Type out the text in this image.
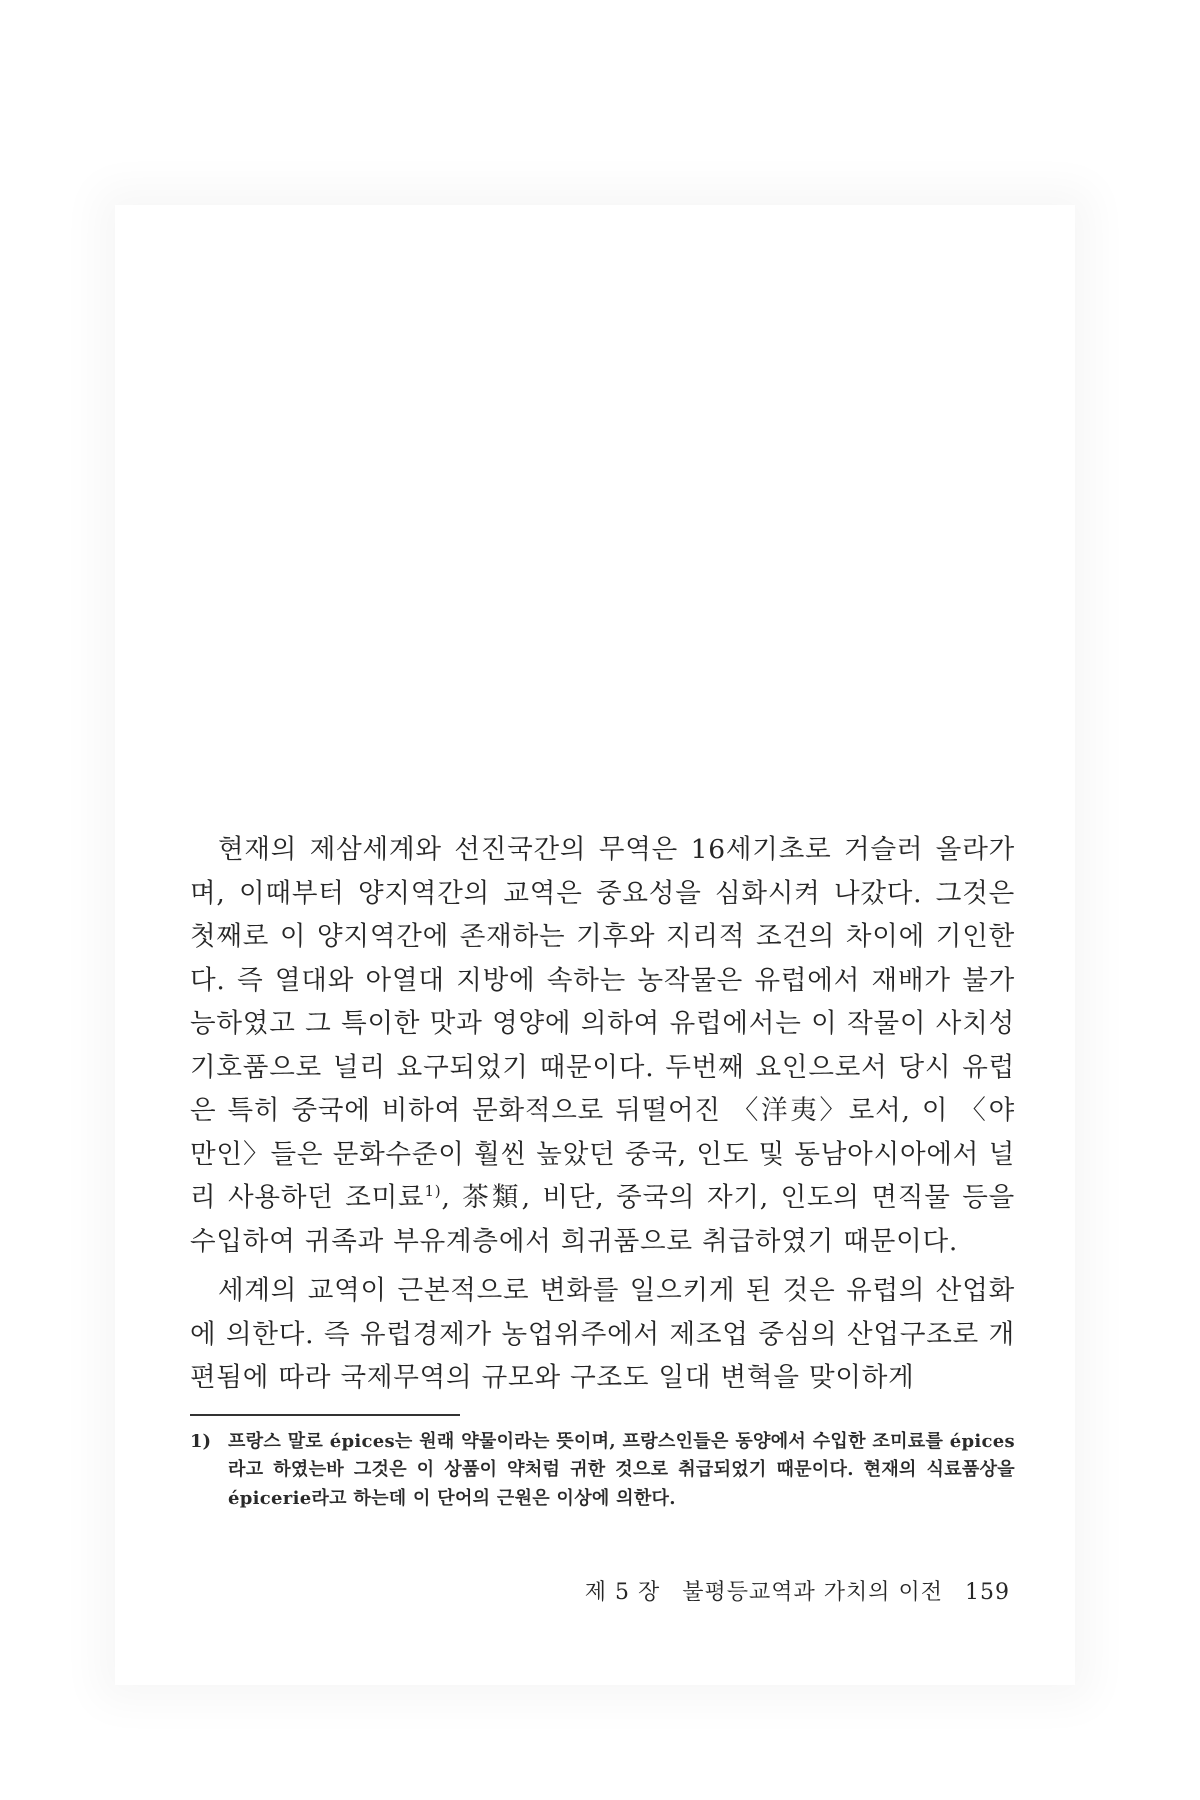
현재의 제삼세계와 선진국간의 무역은 16세기초로 거슬러 올라가며, 이때부터 양지역간의 교역은 중요성을 심화시켜 나갔다. 그것은 첫째로 이 양지역간에 존재하는 기후와 지리적 조건의 차이에 기인한다. 즉 열대와 아열대 지방에 속하는 농작물은 유럽에서 재배가 불가능하였고 그 특이한 맛과 영양에 의하여 유럽에서는 이 작물이 사치성 기호품으로 널리 요구되었기 때문이다. 두번째 요인으로서 당시 유럽은 특히 중국에 비하여 문화적으로 뒤떨어진 〈洋夷〉로서, 이 〈야만인〉들은 문화수준이 훨씬 높았던 중국, 인도 및 동남아시아에서 널리 사용하던 조미료$^{1)}$, 茶類, 비단, 중국의 자기, 인도의 면직물 등을 수입하여 귀족과 부유계층에서 희귀품으로 취급하였기 때문이다.

세계의 교역이 근본적으로 변화를 일으키게 된 것은 유럽의 산업화에 의한다. 즉 유럽경제가 농업위주에서 제조업 중심의 산업구조로 개편됨에 따라 국제무역의 규모와 구조도 일대 변혁을 맞이하게

1) 프랑스 말로 épices는 원래 약물이라는 뜻이며, 프랑스인들은 동양에서 수입한 조미료를 épices라고 하였는바 그것은 이 상품이 약처럼 귀한 것으로 취급되었기 때문이다. 현재의 식료품상을 épicerie라고 하는데 이 단어의 근원은 이상에 의한다.
제 5 장 불평등교역과 가치의 이전 159
